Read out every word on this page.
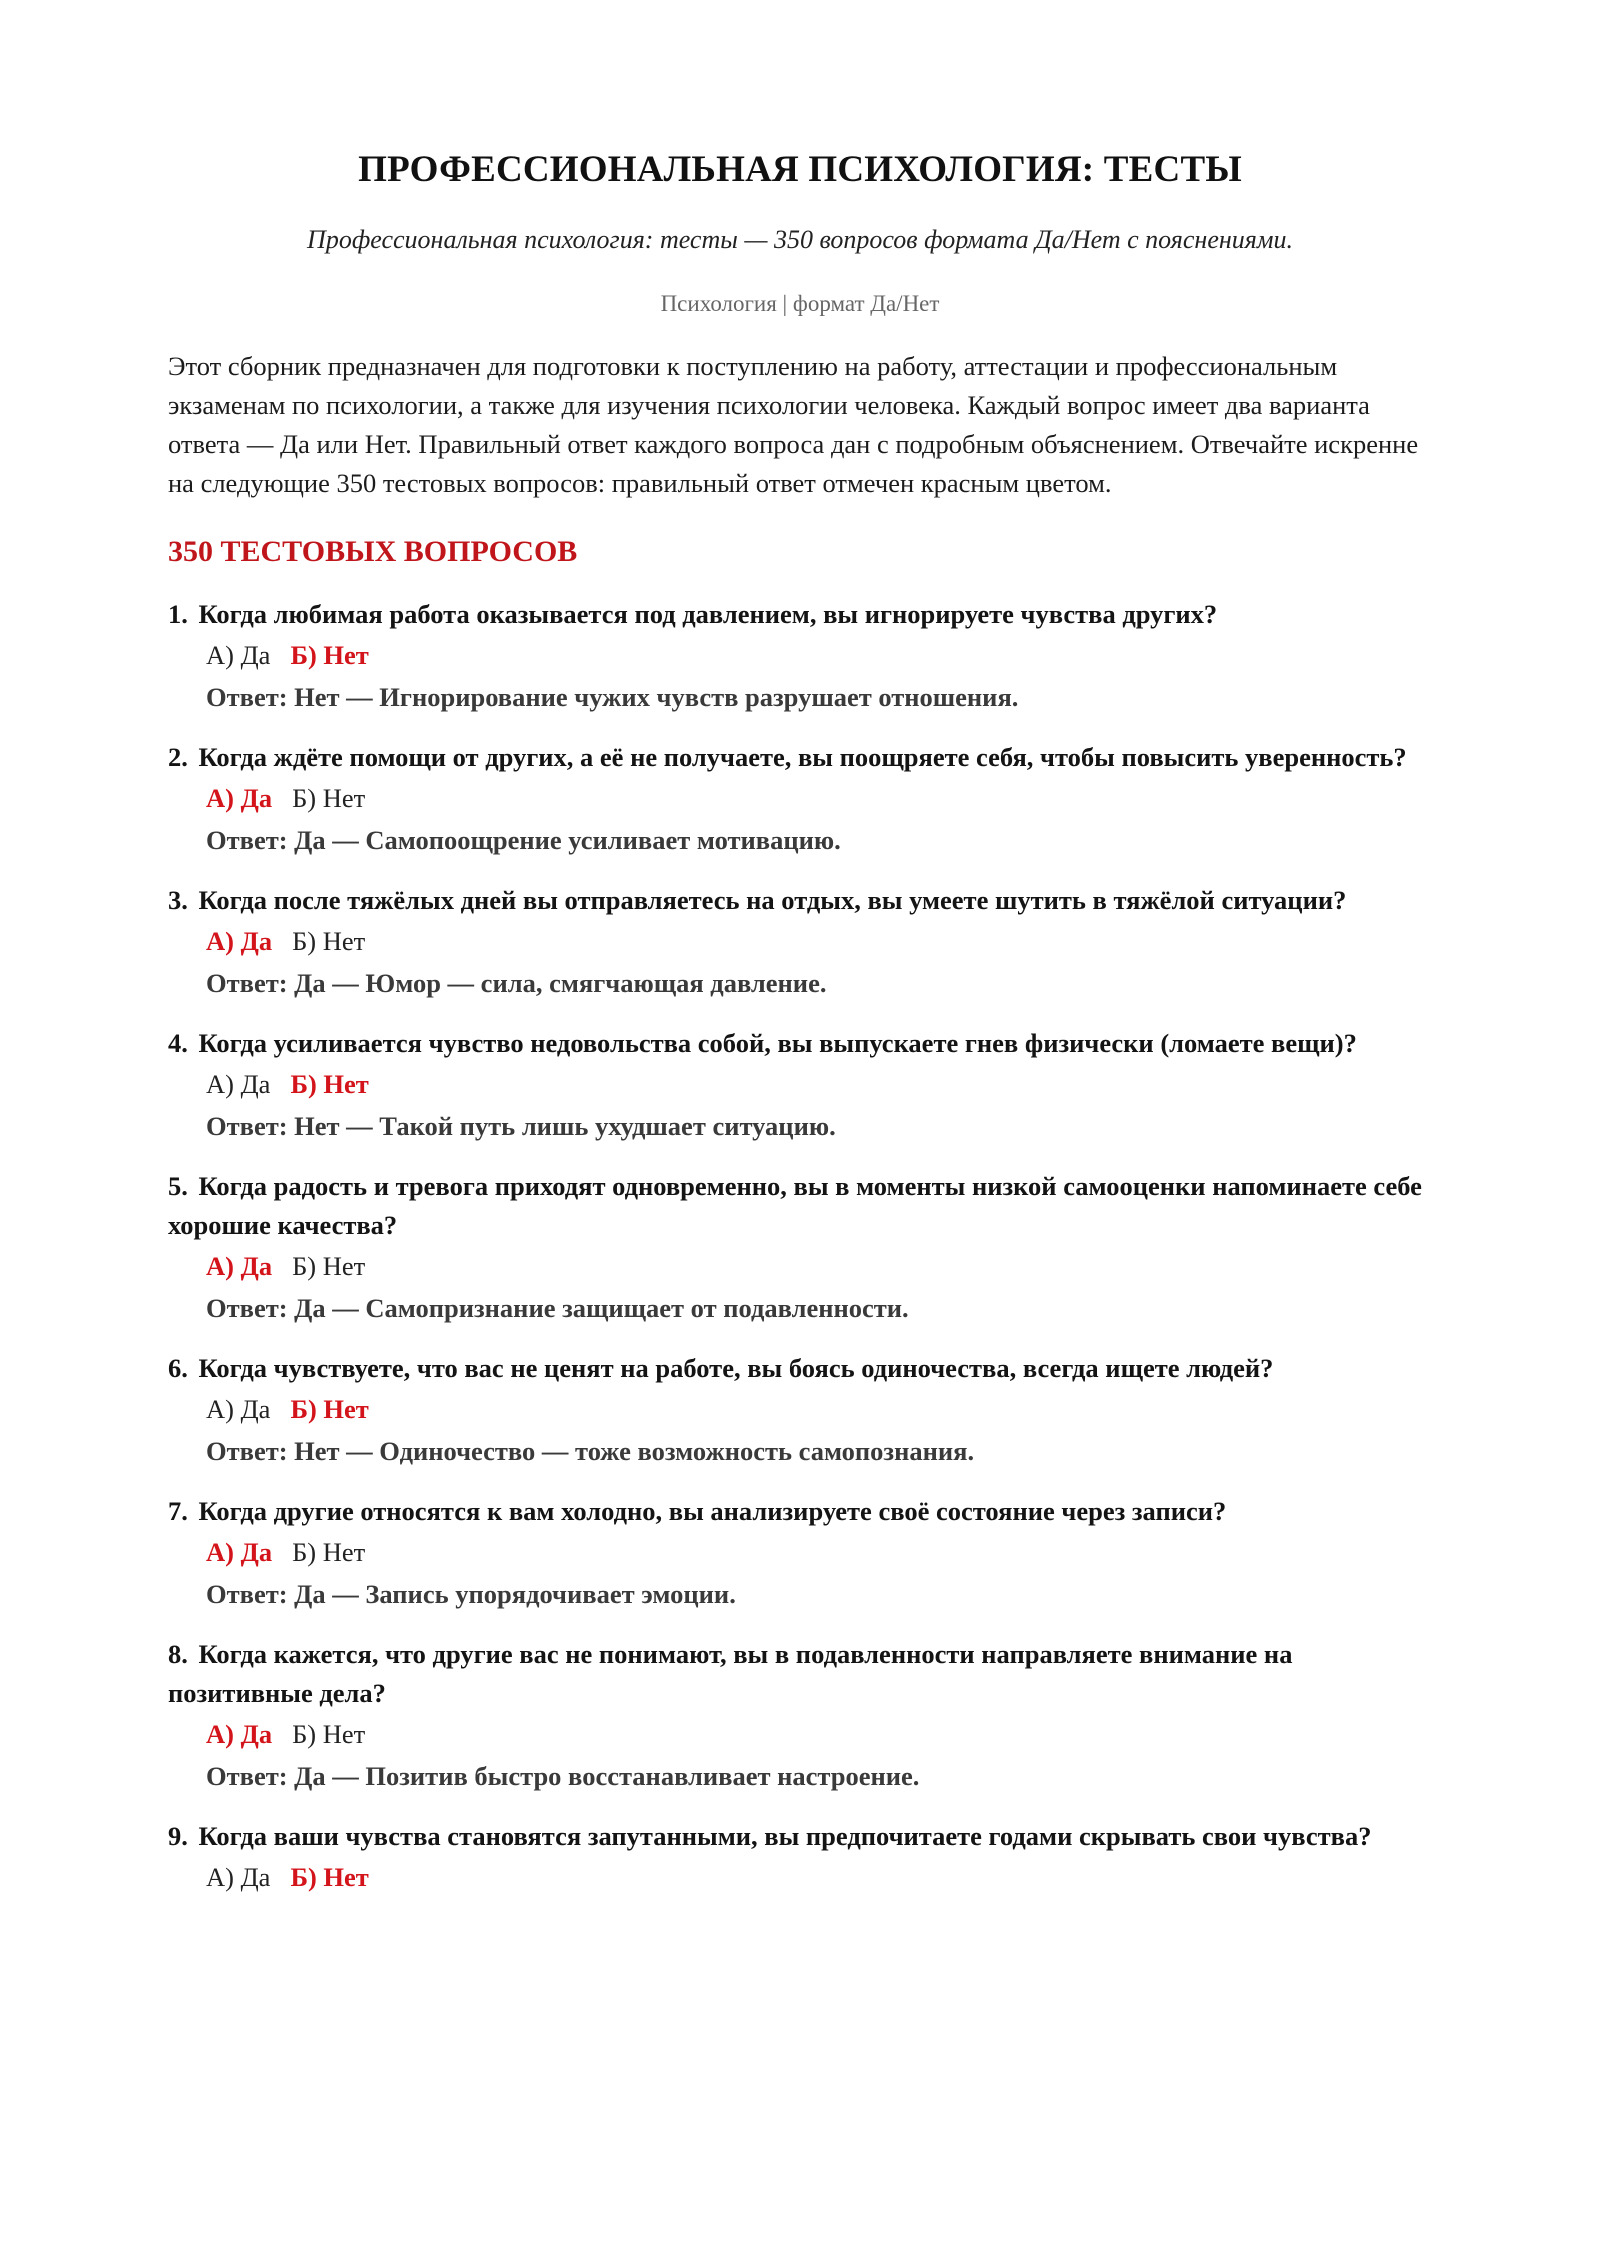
ПРОФЕССИОНАЛЬНАЯ ПСИХОЛОГИЯ: ТЕСТЫ

Профессиональная психология: тесты — 350 вопросов формата Да/Нет с пояснениями.

Психология | формат Да/Нет

Этот сборник предназначен для подготовки к поступлению на работу, аттестации и профессиональным экзаменам по психологии, а также для изучения психологии человека. Каждый вопрос имеет два варианта ответа — Да или Нет. Правильный ответ каждого вопроса дан с подробным объяснением. Отвечайте искренне на следующие 350 тестовых вопросов: правильный ответ отмечен красным цветом.

350 ТЕСТОВЫХ ВОПРОСОВ
1. Когда любимая работа оказывается под давлением, вы игнорируете чувства других?
А) Да Б) Нет
Ответ: Нет — Игнорирование чужих чувств разрушает отношения.
2. Когда ждёте помощи от других, а её не получаете, вы поощряете себя, чтобы повысить уверенность?
А) Да Б) Нет
Ответ: Да — Самопоощрение усиливает мотивацию.
3. Когда после тяжёлых дней вы отправляетесь на отдых, вы умеете шутить в тяжёлой ситуации?
А) Да Б) Нет
Ответ: Да — Юмор — сила, смягчающая давление.
4. Когда усиливается чувство недовольства собой, вы выпускаете гнев физически (ломаете вещи)?
А) Да Б) Нет
Ответ: Нет — Такой путь лишь ухудшает ситуацию.
5. Когда радость и тревога приходят одновременно, вы в моменты низкой самооценки напоминаете себе хорошие качества?
А) Да Б) Нет
Ответ: Да — Самопризнание защищает от подавленности.
6. Когда чувствуете, что вас не ценят на работе, вы боясь одиночества, всегда ищете людей?
А) Да Б) Нет
Ответ: Нет — Одиночество — тоже возможность самопознания.
7. Когда другие относятся к вам холодно, вы анализируете своё состояние через записи?
А) Да Б) Нет
Ответ: Да — Запись упорядочивает эмоции.
8. Когда кажется, что другие вас не понимают, вы в подавленности направляете внимание на позитивные дела?
А) Да Б) Нет
Ответ: Да — Позитив быстро восстанавливает настроение.
9. Когда ваши чувства становятся запутанными, вы предпочитаете годами скрывать свои чувства?
А) Да Б) Нет
